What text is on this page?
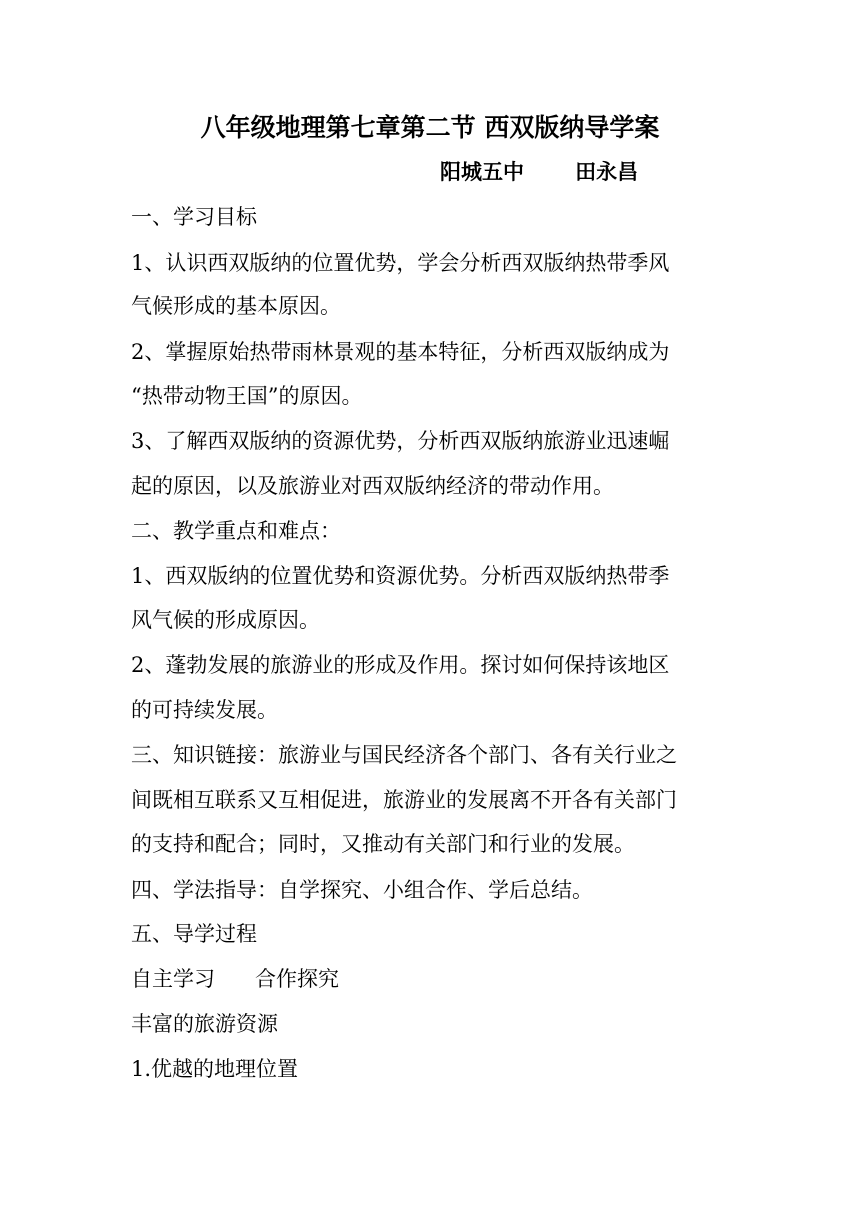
八年级地理第七章第二节 西双版纳导学案
阳城五中       田永昌
一、学习目标
1、认识西双版纳的位置优势，学会分析西双版纳热带季风
气候形成的基本原因。
2、掌握原始热带雨林景观的基本特征，分析西双版纳成为
“热带动物王国”的原因。
3、了解西双版纳的资源优势，分析西双版纳旅游业迅速崛
起的原因，以及旅游业对西双版纳经济的带动作用。
二、教学重点和难点：
1、西双版纳的位置优势和资源优势。分析西双版纳热带季
风气候的形成原因。
2、蓬勃发展的旅游业的形成及作用。探讨如何保持该地区
的可持续发展。
三、知识链接：旅游业与国民经济各个部门、各有关行业之
间既相互联系又互相促进，旅游业的发展离不开各有关部门
的支持和配合；同时，又推动有关部门和行业的发展。
四、学法指导：自学探究、小组合作、学后总结。
五、导学过程
自主学习      合作探究
丰富的旅游资源
1.优越的地理位置
